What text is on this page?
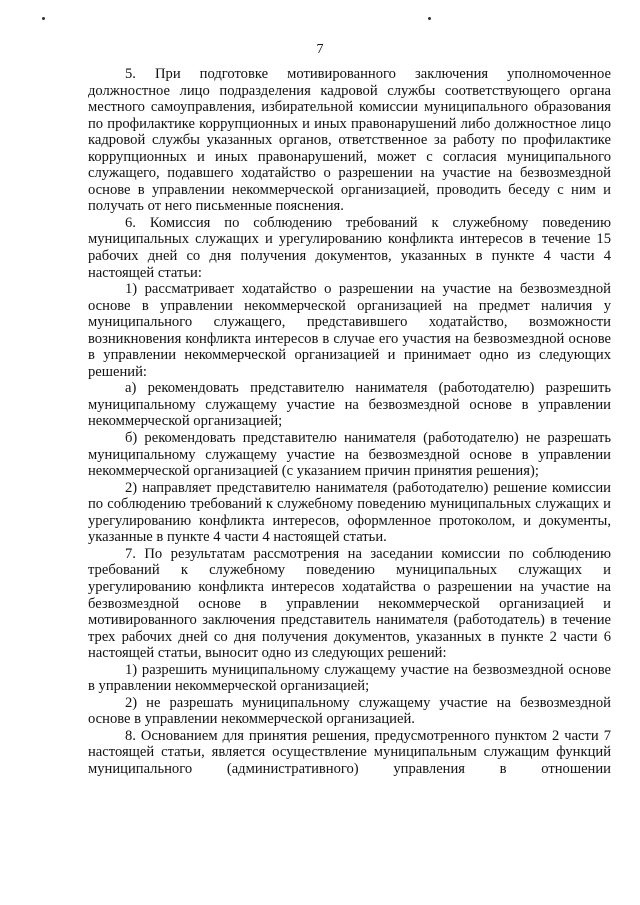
7

5. При подготовке мотивированного заключения уполномоченное должностное лицо подразделения кадровой службы соответствующего органа местного самоуправления, избирательной комиссии муниципального образования по профилактике коррупционных и иных правонарушений либо должностное лицо кадровой службы указанных органов, ответственное за работу по профилактике коррупционных и иных правонарушений, может с согласия муниципального служащего, подавшего ходатайство о разрешении на участие на безвозмездной основе в управлении некоммерческой организацией, проводить беседу с ним и получать от него письменные пояснения.

6. Комиссия по соблюдению требований к служебному поведению муниципальных служащих и урегулированию конфликта интересов в течение 15 рабочих дней со дня получения документов, указанных в пункте 4 части 4 настоящей статьи:

1) рассматривает ходатайство о разрешении на участие на безвозмездной основе в управлении некоммерческой организацией на предмет наличия у муниципального служащего, представившего ходатайство, возможности возникновения конфликта интересов в случае его участия на безвозмездной основе в управлении некоммерческой организацией и принимает одно из следующих решений:

а) рекомендовать представителю нанимателя (работодателю) разрешить муниципальному служащему участие на безвозмездной основе в управлении некоммерческой организацией;

б) рекомендовать представителю нанимателя (работодателю) не разрешать муниципальному служащему участие на безвозмездной основе в управлении некоммерческой организацией (с указанием причин принятия решения);

2) направляет представителю нанимателя (работодателю) решение комиссии по соблюдению требований к служебному поведению муниципальных служащих и урегулированию конфликта интересов, оформленное протоколом, и документы, указанные в пункте 4 части 4 настоящей статьи.

7. По результатам рассмотрения на заседании комиссии по соблюдению требований к служебному поведению муниципальных служащих и урегулированию конфликта интересов ходатайства о разрешении на участие на безвозмездной основе в управлении некоммерческой организацией и мотивированного заключения представитель нанимателя (работодатель) в течение трех рабочих дней со дня получения документов, указанных в пункте 2 части 6 настоящей статьи, выносит одно из следующих решений:

1) разрешить муниципальному служащему участие на безвозмездной основе в управлении некоммерческой организацией;

2) не разрешать муниципальному служащему участие на безвозмездной основе в управлении некоммерческой организацией.

8. Основанием для принятия решения, предусмотренного пунктом 2 части 7 настоящей статьи, является осуществление муниципальным служащим функций муниципального (административного) управления в отношении
